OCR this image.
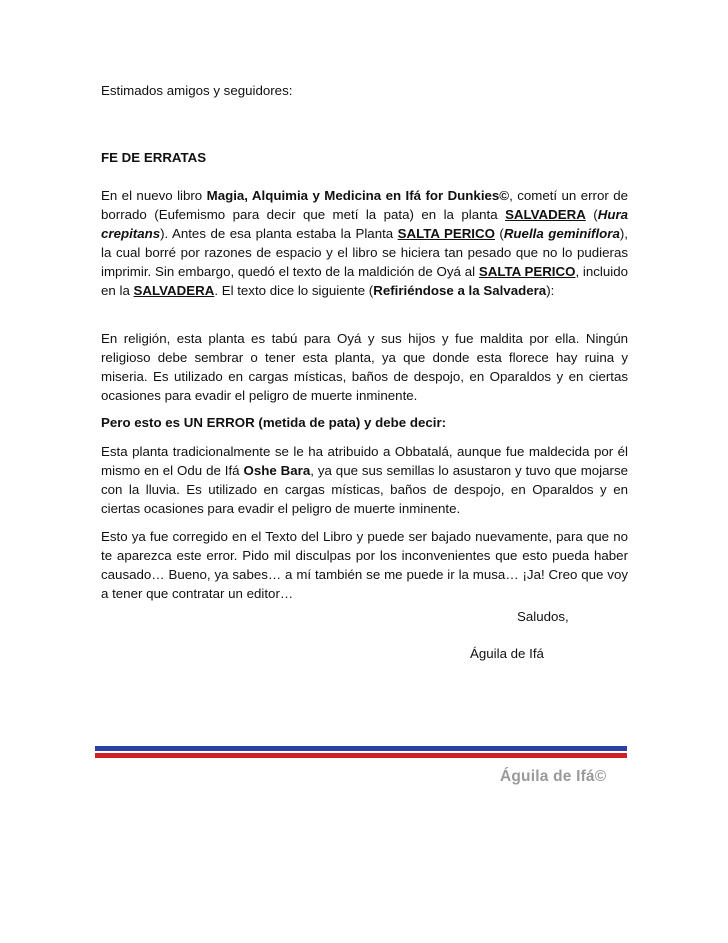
Estimados amigos y seguidores:
FE DE ERRATAS
En el nuevo libro Magia, Alquimia y Medicina en Ifá for Dunkies©, cometí un error de borrado (Eufemismo para decir que metí la pata) en la planta SALVADERA (Hura crepitans). Antes de esa planta estaba la Planta SALTA PERICO (Ruella geminiflora), la cual borré por razones de espacio y el libro se hiciera tan pesado que no lo pudieras imprimir. Sin embargo, quedó el texto de la maldición de Oyá al SALTA PERICO, incluido en la SALVADERA. El texto dice lo siguiente (Refiriéndose a la Salvadera):
En religión, esta planta es tabú para Oyá y sus hijos y fue maldita por ella. Ningún religioso debe sembrar o tener esta planta, ya que donde esta florece hay ruina y miseria. Es utilizado en cargas místicas, baños de despojo, en Oparaldos y en ciertas ocasiones para evadir el peligro de muerte inminente.
Pero esto es UN ERROR (metida de pata) y debe decir:
Esta planta tradicionalmente se le ha atribuido a Obbatalá, aunque fue maldecida por él mismo en el Odu de Ifá Oshe Bara, ya que sus semillas lo asustaron y tuvo que mojarse con la lluvia. Es utilizado en cargas místicas, baños de despojo, en Oparaldos y en ciertas ocasiones para evadir el peligro de muerte inminente.
Esto ya fue corregido en el Texto del Libro y puede ser bajado nuevamente, para que no te aparezca este error. Pido mil disculpas por los inconvenientes que esto pueda haber causado… Bueno, ya sabes… a mí también se me puede ir la musa… ¡Ja! Creo que voy a tener que contratar un editor…
Saludos,
Águila de Ifá
Águila de Ifá©
